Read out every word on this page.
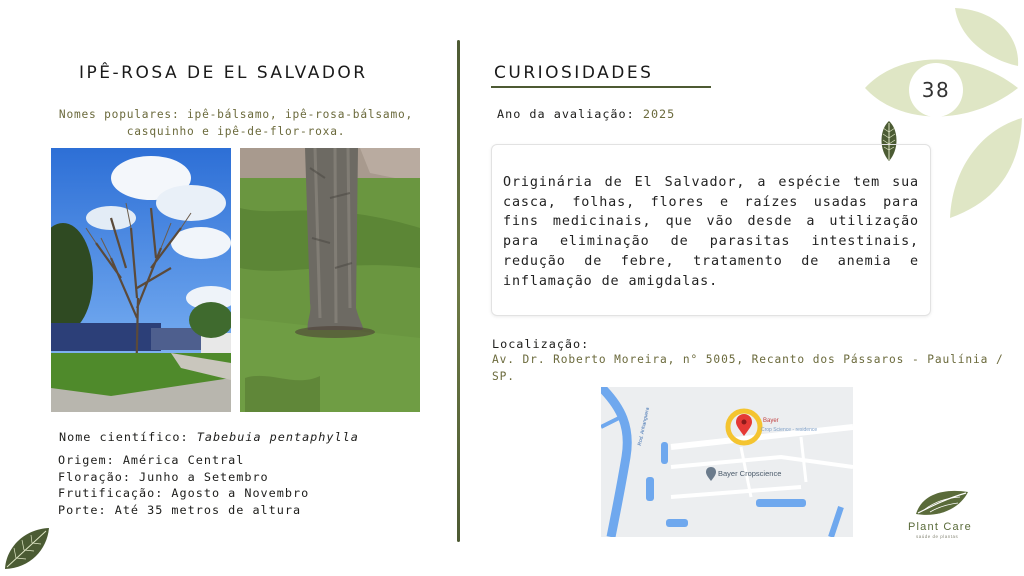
38
IPÊ-ROSA DE EL SALVADOR
Nomes populares: ipê-bálsamo, ipê-rosa-bálsamo,
casquinho e ipê-de-flor-roxa.
Nome científico: Tabebuia pentaphylla
Origem: América Central
Floração: Junho a Setembro
Frutificação: Agosto a Novembro
Porte: Até 35 metros de altura
CURIOSIDADES
Ano da avaliação: 2025

Originária de El Salvador, a espécie tem sua casca, folhas, flores e raízes usadas para fins medicinais, que vão desde a utilização para eliminação de parasitas intestinais, redução de febre, tratamento de anemia e inflamação de amigdalas.

Localização:
Av. Dr. Roberto Moreira, n° 5005, Recanto dos Pássaros - Paulínia / SP.
Bayer
Crop Science - residence
Bayer Cropscience
Rod. Anhanguera
Plant Care
saúde de plantas
